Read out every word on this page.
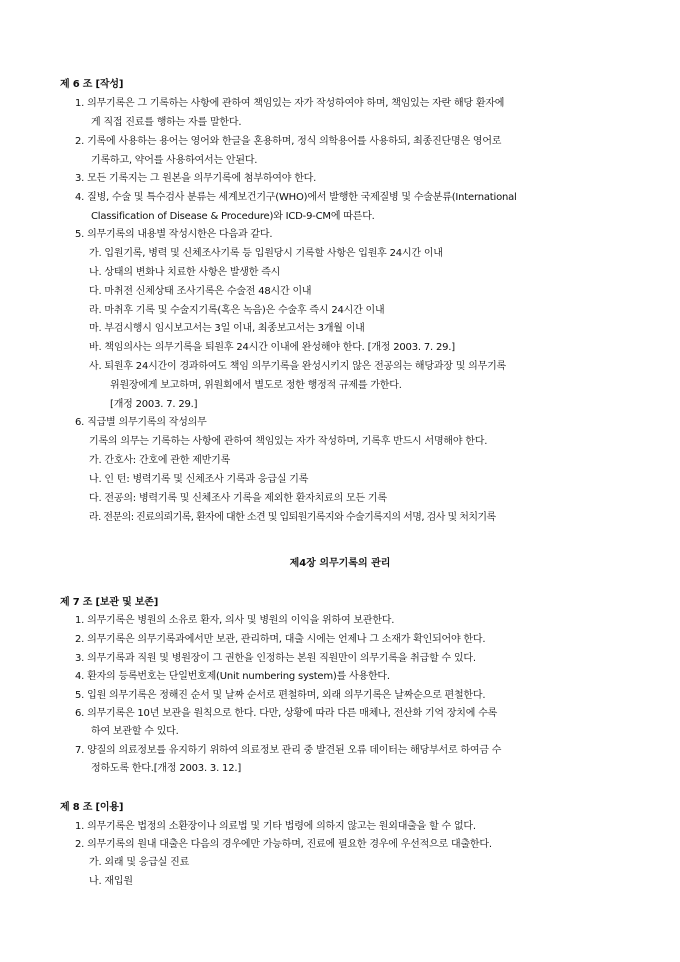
제 6 조 [작성]
1. 의무기록은 그 기록하는 사항에 관하여 책임있는 자가 작성하여야 하며, 책임있는 자란 해당 환자에
게 직접 진료를 행하는 자를 말한다.
2. 기록에 사용하는 용어는 영어와 한글을 혼용하며, 정식 의학용어를 사용하되, 최종진단명은 영어로
기록하고, 약어를 사용하여서는 안된다.
3. 모든 기록지는 그 원본을 의무기록에 첨부하여야 한다.
4. 질병, 수술 및 특수검사 분류는 세계보건기구(WHO)에서 발행한 국제질병 및 수술분류(International
Classification of Disease & Procedure)와 ICD-9-CM에 따른다.
5. 의무기록의 내용별 작성시한은 다음과 같다.
가. 입원기록, 병력 및 신체조사기록 등 입원당시 기록할 사항은 입원후 24시간 이내
나. 상태의 변화나 치료한 사항은 발생한 즉시
다. 마취전 신체상태 조사기록은 수술전 48시간 이내
라. 마취후 기록 및 수술지기록(혹은 녹음)은 수술후 즉시 24시간 이내
마. 부검시행시 임시보고서는 3일 이내, 최종보고서는 3개월 이내
바. 책임의사는 의무기록을 퇴원후 24시간 이내에 완성해야 한다. [개정 2003. 7. 29.]
사. 퇴원후 24시간이 경과하여도 책임 의무기록을 완성시키지 않은 전공의는 해당과장 및 의무기록
위원장에게 보고하며, 위원회에서 별도로 정한 행정적 규제를 가한다.
[개정 2003. 7. 29.]
6. 직급별 의무기록의 작성의무
기록의 의무는 기록하는 사항에 관하여 책임있는 자가 작성하며, 기록후 반드시 서명해야 한다.
가. 간호사: 간호에 관한 제반기록
나. 인 턴: 병력기록 및 신체조사 기록과 응급실 기록
다. 전공의: 병력기록 및 신체조사 기록을 제외한 환자치료의 모든 기록
라. 전문의: 진료의뢰기록, 환자에 대한 소견 및 입퇴원기록지와 수술기록지의 서명, 검사 및 처치기록
제4장 의무기록의 관리
제 7 조 [보관 및 보존]
1. 의무기록은 병원의 소유로 환자, 의사 및 병원의 이익을 위하여 보관한다.
2. 의무기록은 의무기록과에서만 보관, 관리하며, 대출 시에는 언제나 그 소재가 확인되어야 한다.
3. 의무기록과 직원 및 병원장이 그 권한을 인정하는 본원 직원만이 의무기록을 취급할 수 있다.
4. 환자의 등록번호는 단일번호제(Unit numbering system)를 사용한다.
5. 입원 의무기록은 정해진 순서 및 날짜 순서로 편철하며, 외래 의무기록은 날짜순으로 편철한다.
6. 의무기록은 10년 보관을 원칙으로 한다. 다만, 상황에 따라 다른 매체나, 전산화 기억 장치에 수록
하여 보관할 수 있다.
7. 양질의 의료정보를 유지하기 위하여 의료정보 관리 중 발견된 오류 데이터는 해당부서로 하여금 수
정하도록 한다.[개정 2003. 3. 12.]
제 8 조 [이용]
1. 의무기록은 법정의 소환장이나 의료법 및 기타 법령에 의하지 않고는 원외대출을 할 수 없다.
2. 의무기록의 원내 대출은 다음의 경우에만 가능하며, 진료에 필요한 경우에 우선적으로 대출한다.
가. 외래 및 응급실 진료
나. 재입원
